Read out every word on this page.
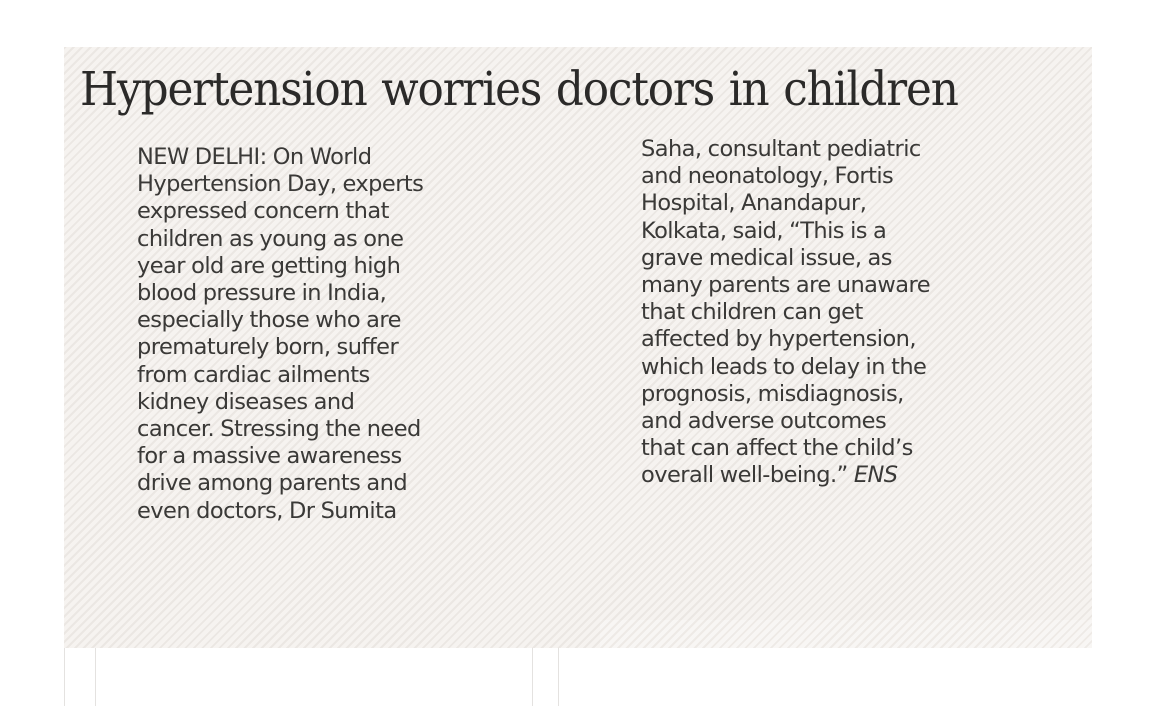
Hypertension worries doctors in children
NEW DELHI: On World
Hypertension Day, experts
expressed concern that
children as young as one
year old are getting high
blood pressure in India,
especially those who are
prematurely born, suffer
from cardiac ailments
kidney diseases and
cancer. Stressing the need
for a massive awareness
drive among parents and
even doctors, Dr Sumita
Saha, consultant pediatric
and neonatology, Fortis
Hospital, Anandapur,
Kolkata, said, “This is a
grave medical issue, as
many parents are unaware
that children can get
affected by hypertension,
which leads to delay in the
prognosis, misdiagnosis,
and adverse outcomes
that can affect the child’s
overall well-being.” ENS
